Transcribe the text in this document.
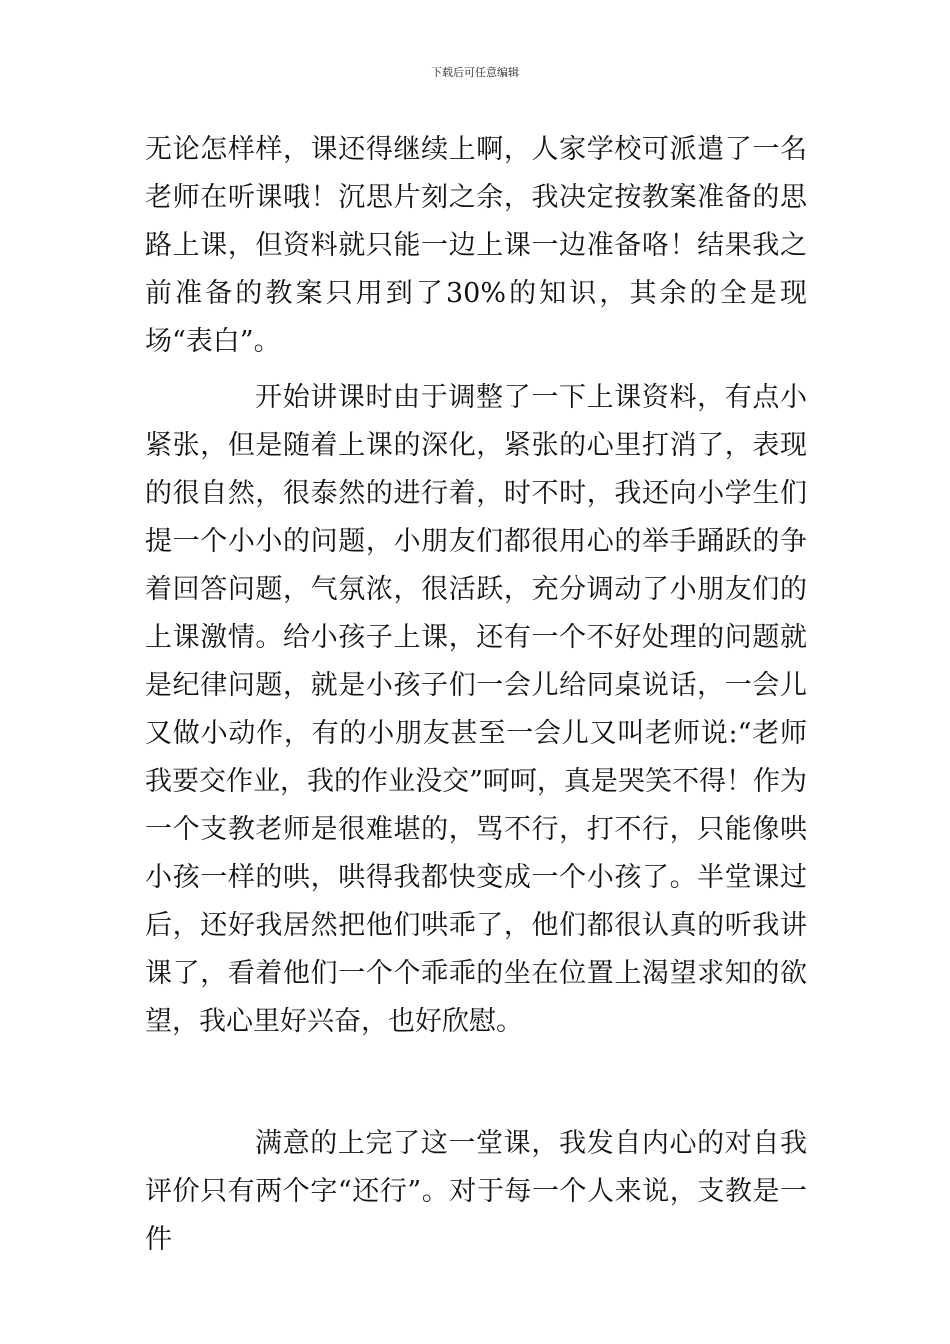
下载后可任意编辑

无论怎样样，课还得继续上啊，人家学校可派遣了一名老师在听课哦！沉思片刻之余，我决定按教案准备的思路上课，但资料就只能一边上课一边准备咯！结果我之前准备的教案只用到了30%的知识，其余的全是现场“表白”。

开始讲课时由于调整了一下上课资料，有点小紧张，但是随着上课的深化，紧张的心里打消了，表现的很自然，很泰然的进行着，时不时，我还向小学生们提一个小小的问题，小朋友们都很用心的举手踊跃的争着回答问题，气氛浓，很活跃，充分调动了小朋友们的上课激情。给小孩子上课，还有一个不好处理的问题就是纪律问题，就是小孩子们一会儿给同桌说话，一会儿又做小动作，有的小朋友甚至一会儿又叫老师说:“老师我要交作业，我的作业没交”呵呵，真是哭笑不得！作为一个支教老师是很难堪的，骂不行，打不行，只能像哄小孩一样的哄，哄得我都快变成一个小孩了。半堂课过后，还好我居然把他们哄乖了，他们都很认真的听我讲课了，看着他们一个个乖乖的坐在位置上渴望求知的欲望，我心里好兴奋，也好欣慰。

满意的上完了这一堂课，我发自内心的对自我评价只有两个字“还行”。对于每一个人来说，支教是一件
